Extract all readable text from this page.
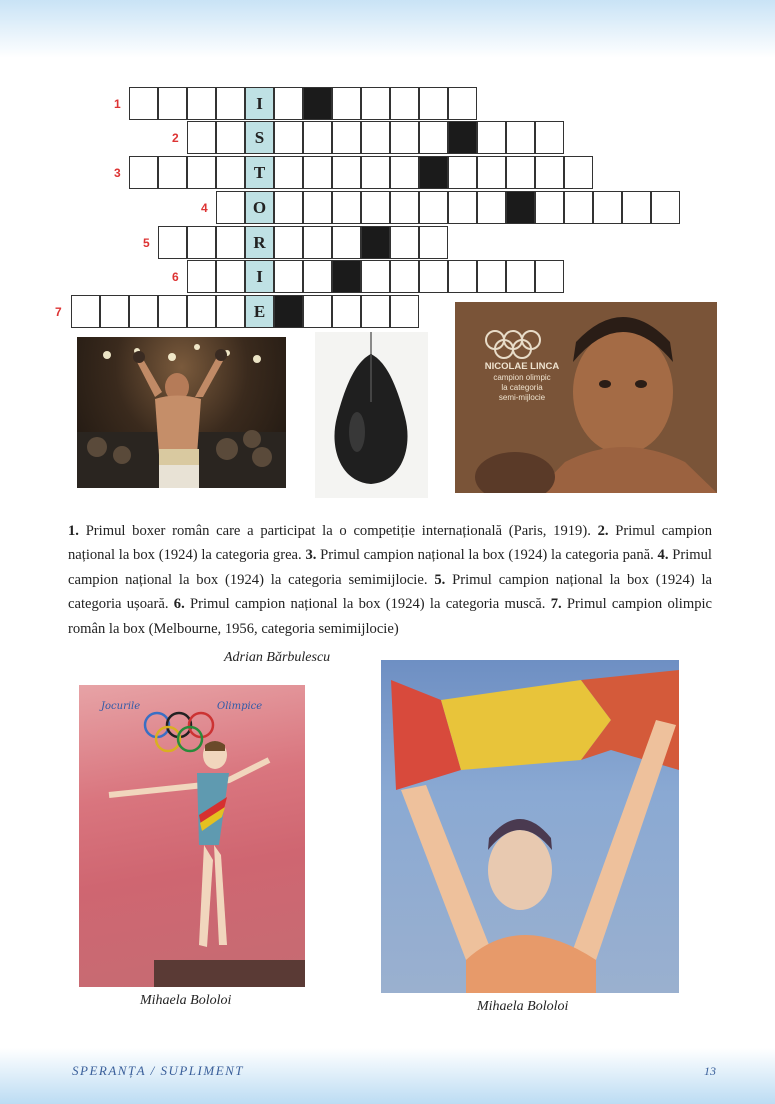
1	I
2	S
3	T
4	O
5	R
6	I
7	E
NICOLAE LINCA
campion olimpic
la categoria
semi-mijlocie
1. Primul boxer român care a participat la o competiție internațională (Paris, 1919). 2. Primul campion național la box (1924) la categoria grea. 3. Primul campion național la box (1924) la categoria pană. 4. Primul campion național la box (1924) la categoria semimijlocie. 5. Primul campion național la box (1924) la categoria ușoară. 6. Primul campion național la box (1924) la categoria muscă. 7. Primul campion olimpic român la box (Melbourne, 1956, categoria semimijlocie)
Adrian Bărbulescu
Jocurile	Olimpice
Mihaela Bololoi	Mihaela Bololoi
SPERANȚA / SUPLIMENT	13
